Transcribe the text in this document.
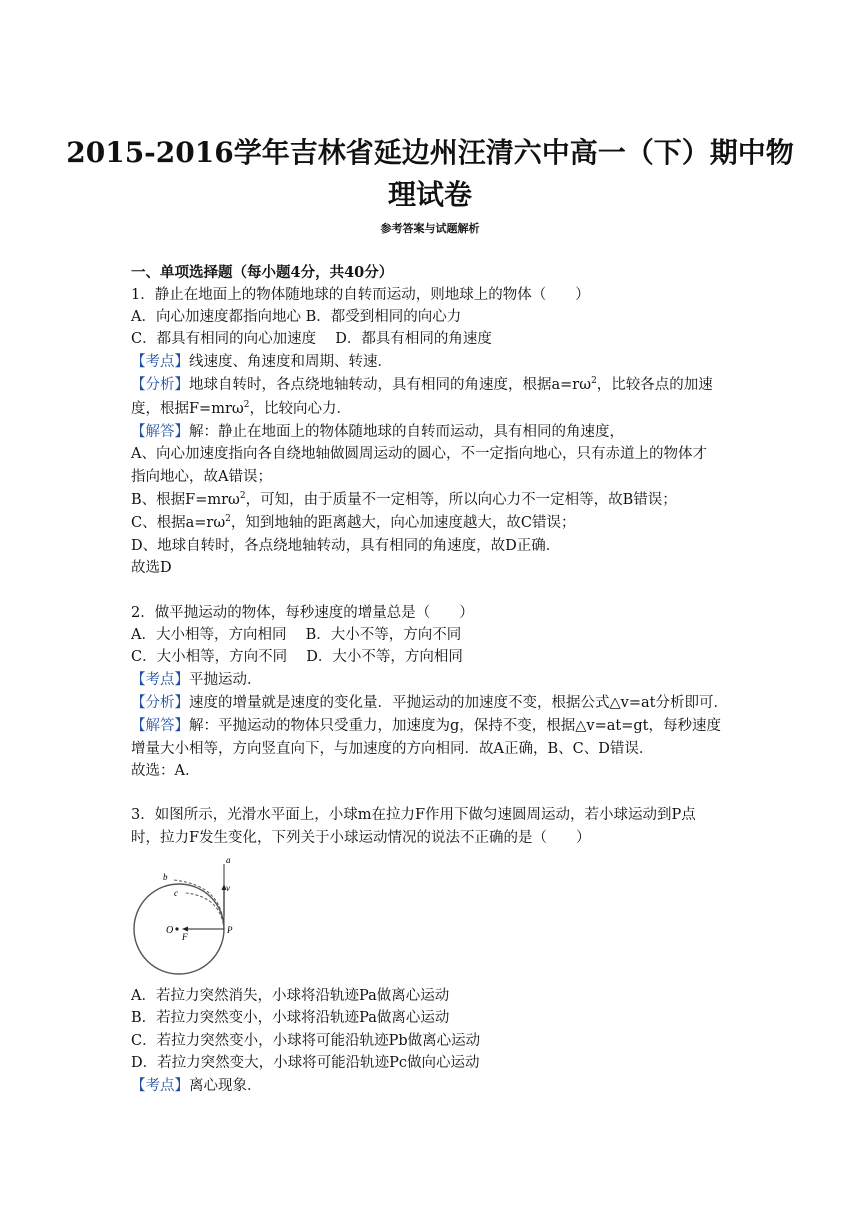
2015-2016学年吉林省延边州汪清六中高一（下）期中物
理试卷
参考答案与试题解析
一、单项选择题（每小题4分，共40分）
1．静止在地面上的物体随地球的自转而运动，则地球上的物体（　　）
A．向心加速度都指向地心 B．都受到相同的向心力
C．都具有相同的向心加速度　 D．都具有相同的角速度
【考点】线速度、角速度和周期、转速．
【分析】地球自转时，各点绕地轴转动，具有相同的角速度，根据$a=r\omega^2$，比较各点的加速
度，根据F=mrω$^2$，比较向心力．
【解答】解：静止在地面上的物体随地球的自转而运动，具有相同的角速度，
A、向心加速度指向各自绕地轴做圆周运动的圆心，不一定指向地心，只有赤道上的物体才
指向地心，故A错误；
B、根据F=mrω$^2$，可知，由于质量不一定相等，所以向心力不一定相等，故B错误；
C、根据$a=r\omega^2$，知到地轴的距离越大，向心加速度越大，故C错误；
D、地球自转时，各点绕地轴转动，具有相同的角速度，故D正确．
故选D
2．做平抛运动的物体，每秒速度的增量总是（　　）
A．大小相等，方向相同　 B．大小不等，方向不同
C．大小相等，方向不同　 D．大小不等，方向相同
【考点】平抛运动．
【分析】速度的增量就是速度的变化量．平抛运动的加速度不变，根据公式△v=at分析即可．
【解答】解：平抛运动的物体只受重力，加速度为g，保持不变，根据△v=at=gt，每秒速度
增量大小相等，方向竖直向下，与加速度的方向相同．故A正确，B、C、D错误．
故选：A．
3．如图所示，光滑水平面上，小球m在拉力F作用下做匀速圆周运动，若小球运动到P点
时，拉力F发生变化，下列关于小球运动情况的说法不正确的是（　　）
a
b
c	v
O
F
P
A．若拉力突然消失，小球将沿轨迹Pa做离心运动
B．若拉力突然变小，小球将沿轨迹Pa做离心运动
C．若拉力突然变小，小球将可能沿轨迹Pb做离心运动
D．若拉力突然变大，小球将可能沿轨迹Pc做向心运动
【考点】离心现象．
